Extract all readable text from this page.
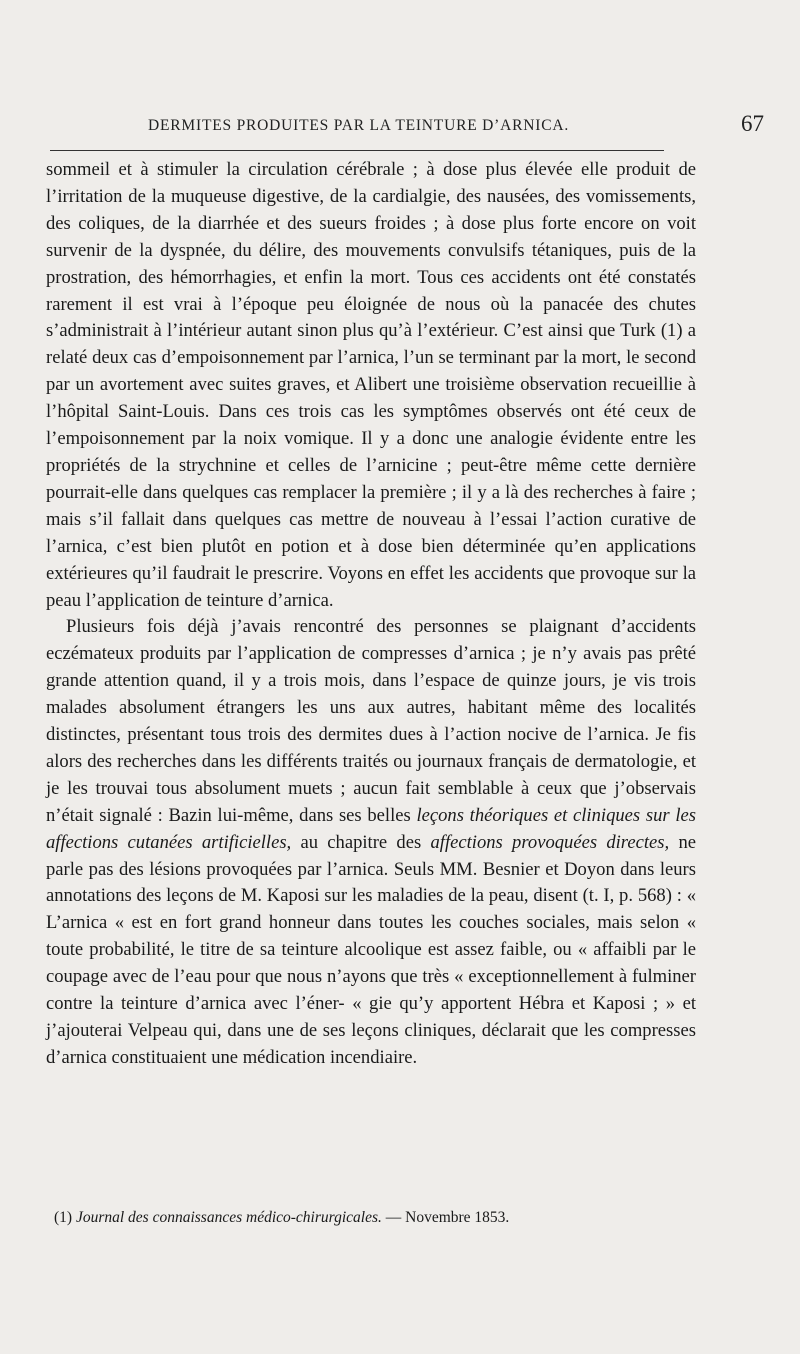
DERMITES PRODUITES PAR LA TEINTURE D’ARNICA.	67

sommeil et à stimuler la circulation cérébrale ; à dose plus élevée elle produit de l’irritation de la muqueuse digestive, de la cardialgie, des nausées, des vomissements, des coliques, de la diarrhée et des sueurs froides ; à dose plus forte encore on voit survenir de la dyspnée, du délire, des mouvements convulsifs tétaniques, puis de la prostration, des hémorrhagies, et enfin la mort. Tous ces accidents ont été constatés rarement il est vrai à l’époque peu éloignée de nous où la panacée des chutes s’administrait à l’intérieur autant sinon plus qu’à l’extérieur. C’est ainsi que Turk (1) a relaté deux cas d’empoisonnement par l’arnica, l’un se terminant par la mort, le second par un avortement avec suites graves, et Alibert une troisième observation recueillie à l’hôpital Saint-Louis. Dans ces trois cas les symptômes observés ont été ceux de l’empoisonnement par la noix vomique. Il y a donc une analogie évidente entre les propriétés de la strychnine et celles de l’arnicine ; peut-être même cette dernière pourrait-elle dans quelques cas remplacer la première ; il y a là des recherches à faire ; mais s’il fallait dans quelques cas mettre de nouveau à l’essai l’action curative de l’arnica, c’est bien plutôt en potion et à dose bien déterminée qu’en applications extérieures qu’il faudrait le prescrire. Voyons en effet les accidents que provoque sur la peau l’application de teinture d’arnica.

Plusieurs fois déjà j’avais rencontré des personnes se plaignant d’accidents eczémateux produits par l’application de compresses d’arnica ; je n’y avais pas prêté grande attention quand, il y a trois mois, dans l’espace de quinze jours, je vis trois malades absolument étrangers les uns aux autres, habitant même des localités distinctes, présentant tous trois des dermites dues à l’action nocive de l’arnica. Je fis alors des recherches dans les différents traités ou journaux français de dermatologie, et je les trouvai tous absolument muets ; aucun fait semblable à ceux que j’observais n’était signalé : Bazin lui-même, dans ses belles leçons théoriques et cliniques sur les affections cutanées artificielles, au chapitre des affections provoquées directes, ne parle pas des lésions provoquées par l’arnica. Seuls MM. Besnier et Doyon dans leurs annotations des leçons de M. Kaposi sur les maladies de la peau, disent (t. I, p. 568) : « L’arnica « est en fort grand honneur dans toutes les couches sociales, mais selon « toute probabilité, le titre de sa teinture alcoolique est assez faible, ou « affaibli par le coupage avec de l’eau pour que nous n’ayons que très « exceptionnellement à fulminer contre la teinture d’arnica avec l’éner- « gie qu’y apportent Hébra et Kaposi ; » et j’ajouterai Velpeau qui, dans une de ses leçons cliniques, déclarait que les compresses d’arnica constituaient une médication incendiaire.

(1) Journal des connaissances médico-chirurgicales. — Novembre 1853.
